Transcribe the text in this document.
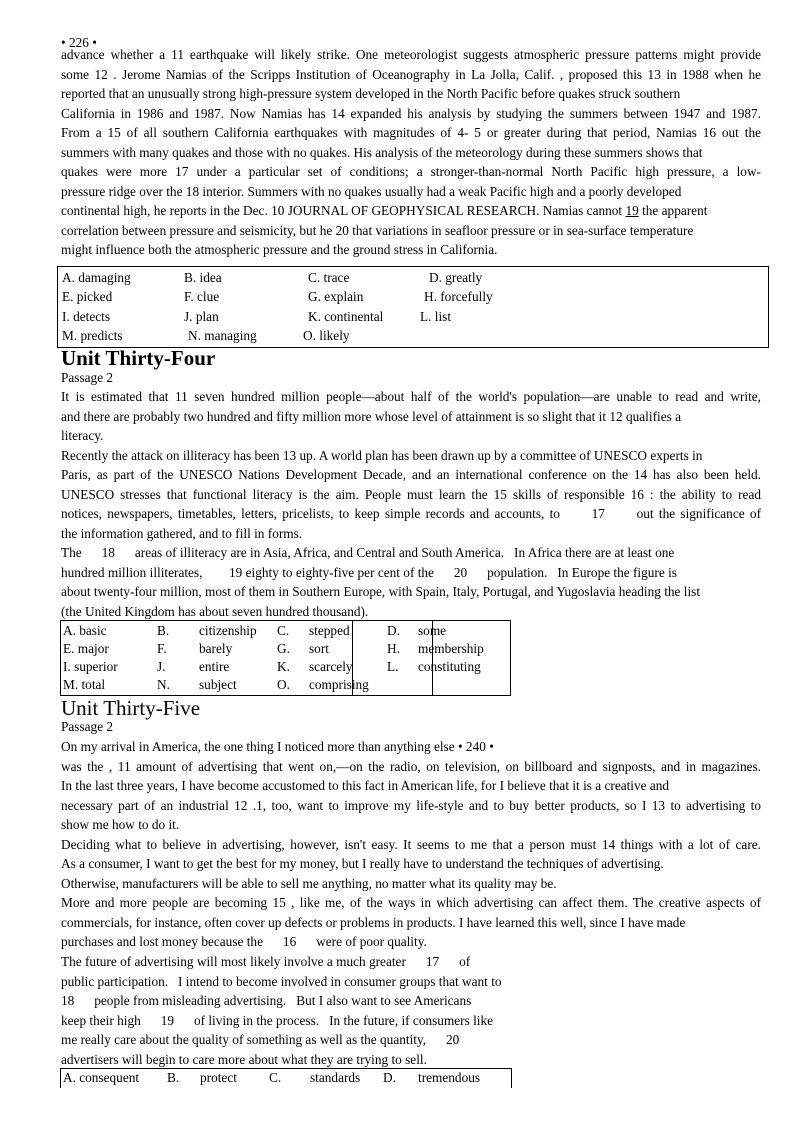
• 226 •
advance whether a 11 earthquake will likely strike. One meteorologist suggests atmospheric pressure patterns might provide
some 12 . Jerome Namias of the Scripps Institution of Oceanography in La Jolla, Calif. , proposed this 13 in 1988 when he
reported that an unusually strong high-pressure system developed in the North Pacific before quakes struck southern
California in 1986 and 1987. Now Namias has 14 expanded his analysis by studying the summers between 1947 and 1987.
From a 15 of all southern California earthquakes with magnitudes of 4- 5 or greater during that period, Namias 16 out the
summers with many quakes and those with no quakes. His analysis of the meteorology during these summers shows that
quakes were more 17 under a particular set of conditions; a stronger-than-normal North Pacific high pressure, a low-
pressure ridge over the 18 interior. Summers with no quakes usually had a weak Pacific high and a poorly developed
continental high, he reports in the Dec. 10 JOURNAL OF GEOPHYSICAL RESEARCH. Namias cannot 19 the apparent
correlation between pressure and seismicity, but he 20 that variations in seafloor pressure or in sea-surface temperature
might influence both the atmospheric pressure and the ground stress in California.
A. damaging	B. idea	C. trace	D. greatly
E. picked	F. clue	G. explain	H. forcefully
I. detects	J. plan	K. continental	L. list
M. predicts	N. managing	O. likely
Unit Thirty-Four
Passage 2
It is estimated that 11 seven hundred million people—about half of the world's population—are unable to read and write,
and there are probably two hundred and fifty million more whose level of attainment is so slight that it 12 qualifies a
literacy.
Recently the attack on illiteracy has been 13 up. A world plan has been drawn up by a committee of UNESCO experts in
Paris, as part of the UNESCO Nations Development Decade, and an international conference on the 14 has also been held.
UNESCO stresses that functional literacy is the aim. People must learn the 15 skills of responsible 16 : the ability to read
notices, newspapers, timetables, letters, pricelists, to keep simple records and accounts, to      17      out the significance of
the information gathered, and to fill in forms.
The      18      areas of illiteracy are in Asia, Africa, and Central and South America.   In Africa there are at least one
hundred million illiterates,        19 eighty to eighty-five per cent of the      20      population.   In Europe the figure is
about twenty-four million, most of them in Southern Europe, with Spain, Italy, Portugal, and Yugoslavia heading the list
(the United Kingdom has about seven hundred thousand).
A. basic	B. citizenship C. stepped	D. some
E. major	F. barely	G. sort	H. membership
I. superior	J.	entire	K. scarcely	L. constituting
M. total	N. subject	O. comprising
Unit Thirty-Five
Passage 2
On my arrival in America, the one thing I noticed more than anything else • 240 •
was the , 11 amount of advertising that went on,—on the radio, on television, on billboard and signposts, and in magazines.
In the last three years, I have become accustomed to this fact in American life, for I believe that it is a creative and
necessary part of an industrial 12 .1, too, want to improve my life-style and to buy better products, so I 13 to advertising to
show me how to do it.
Deciding what to believe in advertising, however, isn't easy. It seems to me that a person must 14 things with a lot of care.
As a consumer, I want to get the best for my money, but I really have to understand the techniques of advertising.
Otherwise, manufacturers will be able to sell me anything, no matter what its quality may be.
More and more people are becoming 15 , like me, of the ways in which advertising can affect them. The creative aspects of
commercials, for instance, often cover up defects or problems in products. I have learned this well, since I have made
purchases and lost money because the      16      were of poor quality.
The future of advertising will most likely involve a much greater      17      of
public participation.   I intend to become involved in consumer groups that want to
18      people from misleading advertising.   But I also want to see Americans
keep their high      19      of living in the process.   In the future, if consumers like
me really care about the quality of something as well as the quantity,      20
advertisers will begin to care more about what they are trying to sell.
A. consequent B. protect C. standards D. tremendous
